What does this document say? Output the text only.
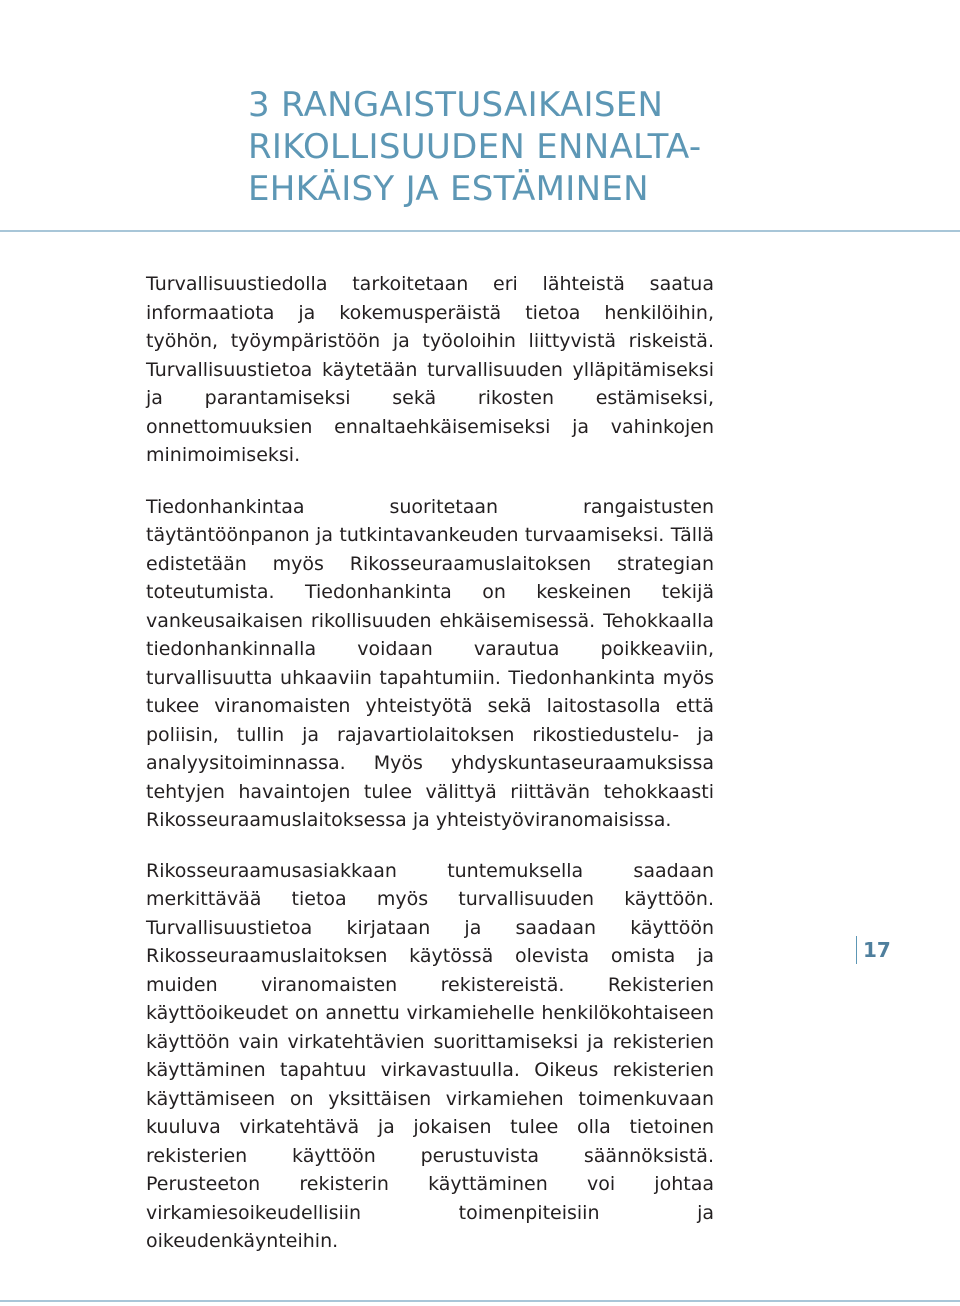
3 RANGAISTUSAIKAISEN
RIKOLLISUUDEN ENNALTA-
EHKÄISY JA ESTÄMINEN

Turvallisuustiedolla tarkoitetaan eri lähteistä saatua informaatiota ja kokemusperäistä tietoa henkilöihin, työhön, työympäristöön ja työoloihin liittyvistä riskeistä. Turvallisuustietoa käytetään turvallisuuden ylläpitämiseksi ja parantamiseksi sekä rikosten estämiseksi, onnettomuuksien ennaltaehkäisemiseksi ja vahinkojen minimoimiseksi.

Tiedonhankintaa suoritetaan rangaistusten täytäntöönpanon ja tutkintavankeuden turvaamiseksi. Tällä edistetään myös Rikosseuraamuslaitoksen strategian toteutumista. Tiedonhankinta on keskeinen tekijä vankeusaikaisen rikollisuuden ehkäisemisessä. Tehokkaalla tiedonhankinnalla voidaan varautua poikkeaviin, turvallisuutta uhkaaviin tapahtumiin. Tiedonhankinta myös tukee viranomaisten yhteistyötä sekä laitostasolla että poliisin, tullin ja rajavartiolaitoksen rikostiedustelu- ja analyysitoiminnassa. Myös yhdyskuntaseuraamuksissa tehtyjen havaintojen tulee välittyä riittävän tehokkaasti Rikosseuraamuslaitoksessa ja yhteistyöviranomaisissa.

Rikosseuraamusasiakkaan tuntemuksella saadaan merkittävää tietoa myös turvallisuuden käyttöön. Turvallisuustietoa kirjataan ja saadaan käyttöön Rikosseuraamuslaitoksen käytössä olevista omista ja muiden viranomaisten rekistereistä. Rekisterien käyttöoikeudet on annettu virkamiehelle henkilökohtaiseen käyttöön vain virkatehtävien suorittamiseksi ja rekisterien käyttäminen tapahtuu virkavastuulla. Oikeus rekisterien käyttämiseen on yksittäisen virkamiehen toimenkuvaan kuuluva virkatehtävä ja jokaisen tulee olla tietoinen rekisterien käyttöön perustuvista säännöksistä. Perusteeton rekisterin käyttäminen voi johtaa virkamiesoikeudellisiin toimenpiteisiin ja oikeudenkäynteihin.

17
